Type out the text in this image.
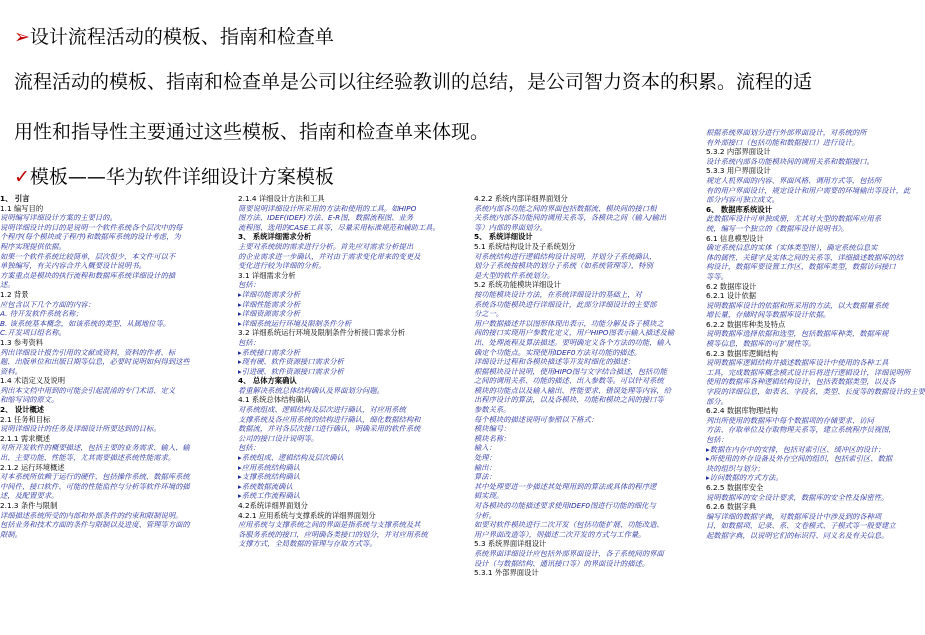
➢设计流程活动的模板、指南和检查单
流程活动的模板、指南和检查单是公司以往经验教训的总结，是公司智力资本的积累。流程的适
用性和指导性主要通过这些模板、指南和检查单来体现。
✓模板——华为软件详细设计方案模板
1、 引言
1.1 编写目的
说明编写详细设计方案的主要目的。
说明详细设计的目的是说明一个软件系统各个层次中的每
个程序(每个模块或子程序)和数据库系统的设计考虑，为
程序实现提供依据。
如果一个软件系统比较简单，层次很少，本文件可以不
单独编写，有关内容合并入概要设计说明书。
方案重点是模块的执行流程和数据库系统详细设计的描
述。
1.2 背景
应包含以下几个方面的内容：
A. 待开发软件系统名称；
B. 该系统基本概念，如该系统的类型、从属地位等。
C.开发项目组名称。
1.3 参考资料
列出详细设计报告引用的文献或资料，资料的作者、标
题、出版单位和出版日期等信息，必要时说明如何得到这些
资料。
1.4 术语定义及说明
列出本文档中用到的可能会引起混淆的专门术语、定义
和缩写词的原文。
2、 设计概述
2.1 任务和目标
说明详细设计的任务及详细设计所要达到的目标。
2.1.1 需求概述
对所开发软件的概要描述，包括主要的业务需求、输入、输
出、主要功能、性能等，尤其需要描述系统性能需求。
2.1.2 运行环境概述
对本系统所依赖于运行的硬件，包括操作系统、数据库系统
中间件、接口软件、可能的性能监控与分析等软件环境的描
述，及配置要求。
2.1.3 条件与限制
详细描述系统所受的内部和外部条件的约束和限制说明。
包括业务和技术方面的条件与限制以及进度、管理等方面的
限制。
2.1.4 详细设计方法和工具
简要说明详细设计所采用的方法和使用的工具。如HIPO
图方法、IDEF(IDEF)方法、E-R图，数据流程图、业务
流程图、选用的CASE工具等，尽量采用标准规范和辅助工具。
3、 系统详细需求分析
主要对系统级的需求进行分析。首先应对需求分析提出
的企业需求进一步确认，并对由于需求变化带来的变更及
变化进行较为详细的分析。
3.1 详细需求分析
包括：
▸详细功能需求分析
▸详细性能需求分析
▸详细资源需求分析
▸详细系统运行环境及限制条件分析
3.2 详细系统运行环境及限制条件分析接口需求分析
包括：
▸系统接口需求分析
▸现有硬、软件资源接口需求分析
▸引进硬、软件资源接口需求分析
4、 总体方案确认
着重解决系统总体结构确认及界面划分问题。
4.1 系统总体结构确认
对系统组成、逻辑结构及层次进行确认，对应用系统
支撑系统及各应用系统的结构进行确认，细化数据结构和
数据流，并对各层次接口进行确认，明确采用的软件系统
公司的接口设计说明等。
包括：
▸系统组成、逻辑结构及层次确认
▸应用系统结构确认
▸支撑系统结构确认
▸系统数据流确认
▸系统工作流程确认
4.2系统详细界面划分
4.2.1 应用系统与支撑系统的详细界面划分
应用系统与支撑系统之间的界面是指系统与支撑系统及其
各服务系统的接口，应明确各类接口的划分，并对应用系统
支撑方式，全局数据的管理与存取方式等。
4.2.2 系统内部详细界面划分
系统内部各功能之间的界面包括数据流、模块间的接口相
关系统内部各功能间的调用关系等，各模块之间（输入/输出
等）内部的界面划分。
5、 系统详细设计
5.1 系统结构设计及子系统划分
对系统结构进行逻辑结构设计说明，并划分子系统确认，
划分子系统按模块的划分子系统（如系统管理等），特别
是大型的软件系统划分。
5.2 系统功能模块详细设计
按功能模块设计方法，在系统详细设计的基础上，对
系统各功能模块进行详细设计，此部分详细设计的主要部
分之一。
用户数据描述并以图形体现出表示，功能分解及各子模块之
间的接口实现用户参数化定义，用户HIPO图表示输入描述及输
出、处理流程及算法描述。要明确定义各个方法的功能，输入
确定个功能点。实现使用IDEF0方法对功能的描述。
详细设计过程和各模块描述等开发时细化的描述：
根据模块设计说明，使用HIPO图与文字结合描述，包括功能
之间的调用关系、功能的描述、出入参数等。可以针对系统
模块的功能点以及输入输出、性能要求、错误处理等内容，给
出程序设计的算法，以及各模块、功能和模块之间的接口等
参数关系。
每个模块的描述说明可参照以下格式：
模块编号：
模块名称：
输入：
处理：
输出：
算法：
其中处理要进一步描述其处理用到的算法或具体的程序逻
辑实现。
对各模块的功能描述要求使用IDEF0图进行功能的细化与
分析。
如要对软件模块进行二次开发（包括功能扩展、功能改造、
用户界面改造等），则描述二次开发的方式与工作量。
5.3 系统界面详细设计
系统界面详细设计应包括外部界面设计、各子系统间的界面
设计（与数据结构、通讯接口等）的界面设计的描述。
5.3.1 外部界面设计
根据系统界面划分进行外部界面设计，对系统的所
有外部接口（包括功能和数据接口）进行设计。
5.3.2 内部界面设计
设计系统内部各功能模块间的调用关系和数据接口。
5.3.3 用户界面设计
规定人机界面的内容、界面风格、调用方式等，包括所
有的用户界面设计，规定设计和用户需要的环境输出等设计，此
部分内容可独立成文。
6、 数据库系统设计
此数据库设计可单独成册，尤其对大型的数据库应用系
统，编写一个独立的《数据库设计说明书》。
6.1 信息模型设计
确定系统信息的实体（实体类型图），确定系统信息实
体的属性、关键字及实体之间的关系等，详细描述数据库的结
构设计，数据库要设置工作区，数据库类型，数据访问接口
等等。
6.2 数据库设计
6.2.1 设计依据
说明数据库设计的依据和所采用的方法，以大数据量系统
增长量，存储时间等数据库设计依据。
6.2.2 数据库种类及特点
说明数据库选择依据和选型，包括数据库种类、数据库规
模等信息，数据库的可扩展性等。
6.2.3 数据库逻辑结构
说明数据库逻辑结构并描述数据库设计中使用的各种工具
工具，完成数据库概念模式设计后将进行逻辑设计，详细说明所
使用的数据库各种逻辑结构设计，包括表数据类型，以及各
字段的详细信息，如表名、字段名，类型、长度等的数据设计的主要
部分。
6.2.4 数据库物理结构
列出所使用的数据库中每个数据项的存储要求、访问
方法、存取单位及存取物理关系等，建立系统程序员视图，
包括：
▸数据在内存中的安排，包括对索引区、缓冲区的设计；
▸所使用的外存设备及外存空间的组织，包括索引区、数据
块的组织与划分；
▸访问数据的方式方法。
6.2.5 数据库安全
说明数据库的安全设计要求，数据库的安全性及保密性。
6.2.6 数据字典
编写详细的数据字典，对数据库设计中涉及到的各种项
目，如数据项、记录、系、文卷模式、子模式等一般要建立
起数据字典，以说明它们的标识符、同义名及有关信息。
